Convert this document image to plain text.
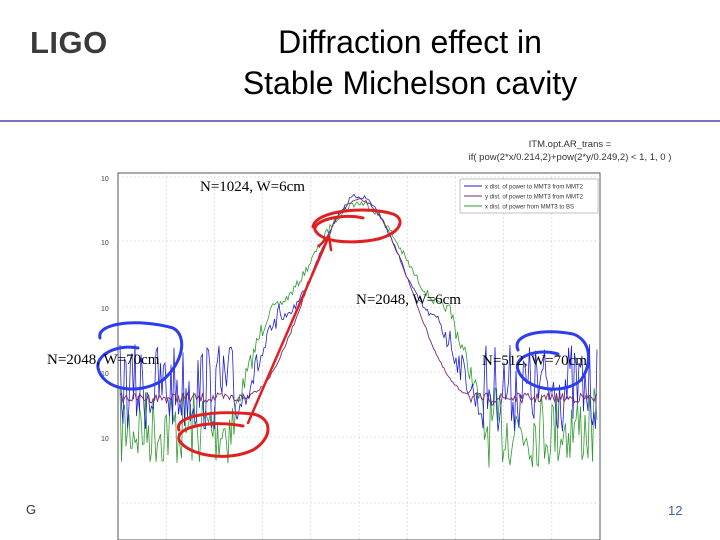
LIGO	Diffraction effect in
Stable Michelson cavity
ITM.opt.AR_trans =
if( pow(2*x/0.214,2)+pow(2*y/0.249,2) < 1, 1, 0 )
10
10
10
10
10
x dist. of power to MMT3 from MMT2
y dist. of power to MMT3 from MMT2
x dist. of power from MMT3 to BS
N=1024, W=6cm
N=2048, W=6cm
N=2048, W=70cm	N=512, W=70cm
G	12
